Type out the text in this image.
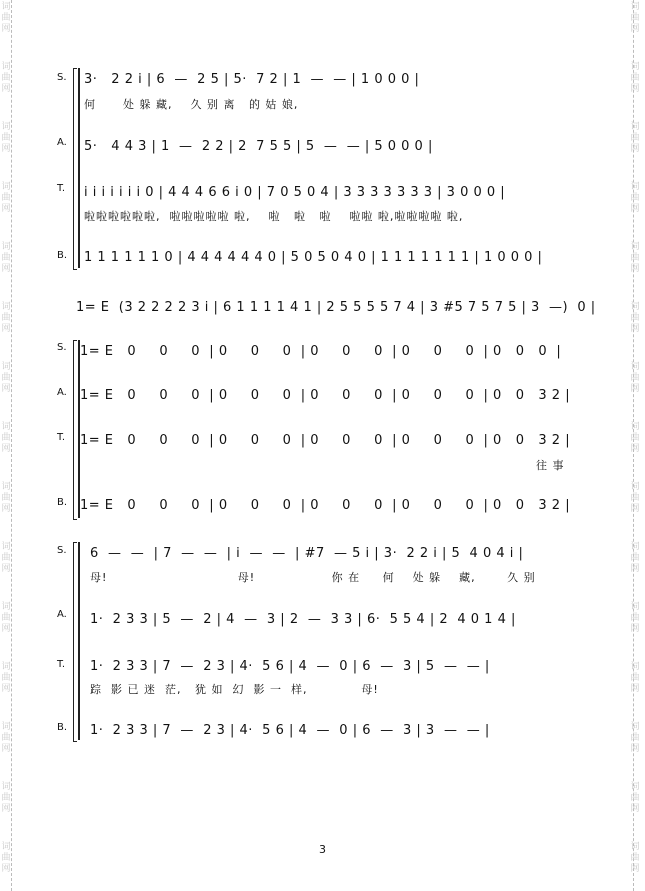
词
曲
网
词
曲
网
词
曲
网
词
曲
网
词
曲
网
词
曲
网
词
曲
网
词
曲
网
词
曲
网
词
曲
网
词
曲
网
词
曲
网
词
曲
网
词
曲
网
词
曲
网
词
曲
网
词
曲
网
词
曲
网
词
曲
网
词
曲
网
词
曲
网
词
曲
网
词
曲
网
词
曲
网
词
曲
网
词
曲
网
词
曲
网
词
曲
网
词
曲
网
词
曲
网
S. 3·   2 2 i | 6  —  2 5 | 5·  7 2 | 1  —  — | 1 0 0 0 |
何      处 躲 藏,    久 别 离   的 姑 娘,
A. 5·   4 4 3 | 1  —  2 2 | 2  7 5 5 | 5  —  — | 5 0 0 0 |
T. i i i i i i i 0 | 4 4 4 6 6 i 0 | 7 0 5 0 4 | 3 3 3 3 3 3 3 | 3 0 0 0 |
啦啦啦啦啦啦,  啦啦啦啦啦 啦,    啦   啦   啦    啦啦 啦,啦啦啦啦 啦,
B. 1 1 1 1 1 1 0 | 4 4 4 4 4 4 0 | 5 0 5 0 4 0 | 1 1 1 1 1 1 1 | 1 0 0 0 |
1= E  (3 2 2 2 2 3 i | 6 1 1 1 1 4 1 | 2 5 5 5 5 7 4 | 3 #5 7 5 7 5 | 3  —)  0 |
S. 1= E   0     0     0  | 0     0     0  | 0     0     0  | 0     0     0  | 0   0   0  |
A. 1= E   0     0     0  | 0     0     0  | 0     0     0  | 0     0     0  | 0   0   3 2 |
T. 1= E   0     0     0  | 0     0     0  | 0     0     0  | 0     0     0  | 0   0   3 2 |
往 事
B. 1= E   0     0     0  | 0     0     0  | 0     0     0  | 0     0     0  | 0   0   3 2 |
S. 6  —  —  | 7  —  —  | i  —  —  | #7  — 5 i | 3·  2 2 i | 5  4 0 4 i |
母!                             母!                 你 在     何    处 躲    藏,       久 别
A. 1·  2 3 3 | 5  —  2 | 4  —  3 | 2  —  3 3 | 6·  5 5 4 | 2  4 0 1 4 |
T. 1·  2 3 3 | 7  —  2 3 | 4·  5 6 | 4  —  0 | 6  —  3 | 5  —  — |
踪  影 已 迷  茫,   犹 如  幻  影 一  样,            母!
B. 1·  2 3 3 | 7  —  2 3 | 4·  5 6 | 4  —  0 | 6  —  3 | 3  —  — |
3
